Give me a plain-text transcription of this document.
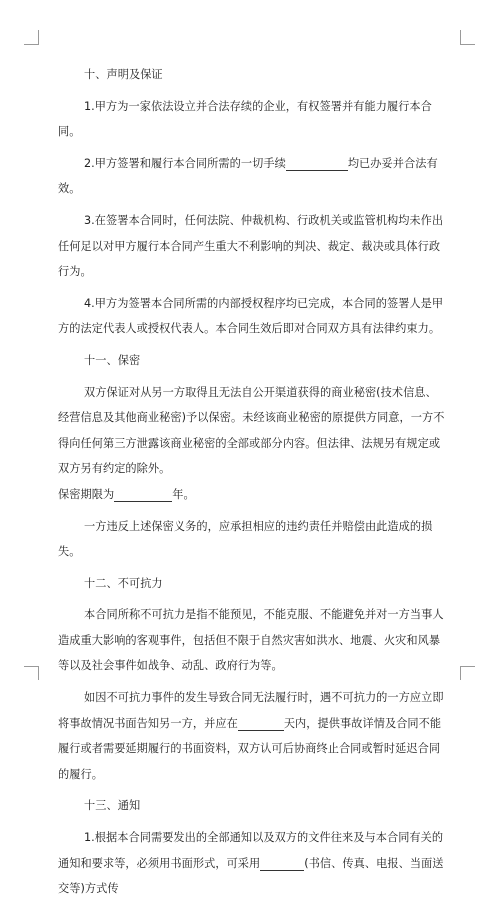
十、声明及保证

1.甲方为一家依法设立并合法存续的企业，有权签署并有能力履行本合同。

2.甲方签署和履行本合同所需的一切手续	均已办妥并合法有效。

3.在签署本合同时，任何法院、仲裁机构、行政机关或监管机构均未作出任何足以对甲方履行本合同产生重大不利影响的判决、裁定、裁决或具体行政行为。

4.甲方为签署本合同所需的内部授权程序均已完成，本合同的签署人是甲方的法定代表人或授权代表人。本合同生效后即对合同双方具有法律约束力。

十一、保密

双方保证对从另一方取得且无法自公开渠道获得的商业秘密(技术信息、经营信息及其他商业秘密)予以保密。未经该商业秘密的原提供方同意，一方不得向任何第三方泄露该商业秘密的全部或部分内容。但法律、法规另有规定或双方另有约定的除外。

保密期限为	年。

一方违反上述保密义务的，应承担相应的违约责任并赔偿由此造成的损失。

十二、不可抗力

本合同所称不可抗力是指不能预见，不能克服、不能避免并对一方当事人造成重大影响的客观事件，包括但不限于自然灾害如洪水、地震、火灾和风暴等以及社会事件如战争、动乱、政府行为等。

如因不可抗力事件的发生导致合同无法履行时，遇不可抗力的一方应立即将事故情况书面告知另一方，并应在	天内，提供事故详情及合同不能履行或者需要延期履行的书面资料，双方认可后协商终止合同或暂时延迟合同的履行。

十三、通知

1.根据本合同需要发出的全部通知以及双方的文件往来及与本合同有关的通知和要求等，必须用书面形式，可采用	(书信、传真、电报、当面送交等)方式传
